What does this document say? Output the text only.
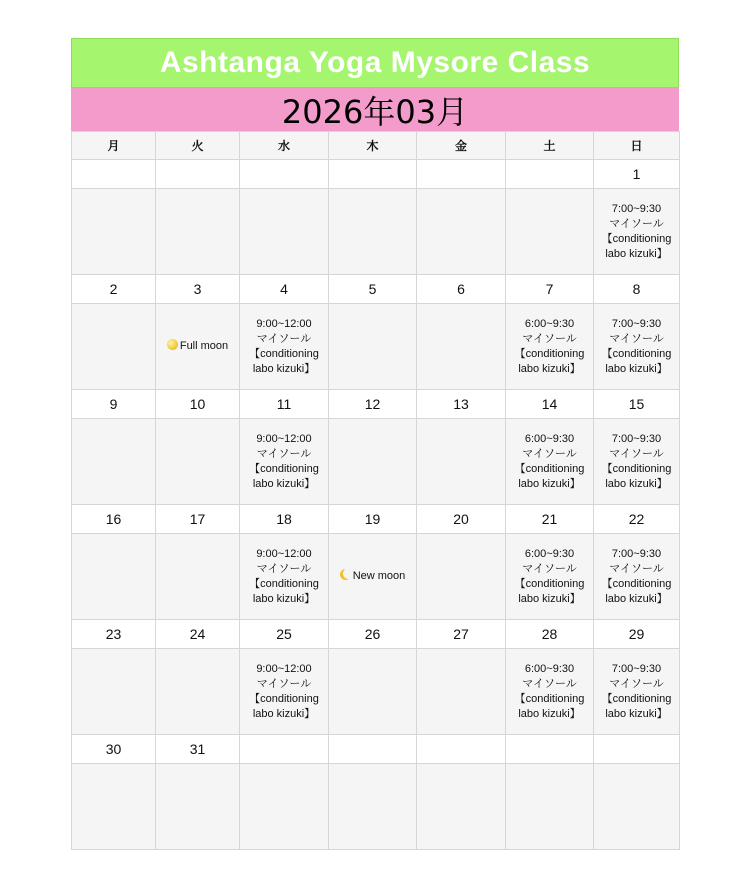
Ashtanga Yoga Mysore Class
2026年03月
月	火	水	木	金	土	日
						1

						7:00~9:30
マイソール
【conditioning
labo kizuki】

2	3	4	5	6	7	8

	Full moon	9:00~12:00
マイソール
【conditioning
labo kizuki】			6:00~9:30
マイソール
【conditioning
labo kizuki】	7:00~9:30
マイソール
【conditioning
labo kizuki】

9	10	11	12	13	14	15

		9:00~12:00
マイソール
【conditioning
labo kizuki】			6:00~9:30
マイソール
【conditioning
labo kizuki】	7:00~9:30
マイソール
【conditioning
labo kizuki】

16	17	18	19	20	21	22

		9:00~12:00
マイソール
【conditioning
labo kizuki】	New moon		6:00~9:30
マイソール
【conditioning
labo kizuki】	7:00~9:30
マイソール
【conditioning
labo kizuki】

23	24	25	26	27	28	29

		9:00~12:00
マイソール
【conditioning
labo kizuki】			6:00~9:30
マイソール
【conditioning
labo kizuki】	7:00~9:30
マイソール
【conditioning
labo kizuki】

30	31					
